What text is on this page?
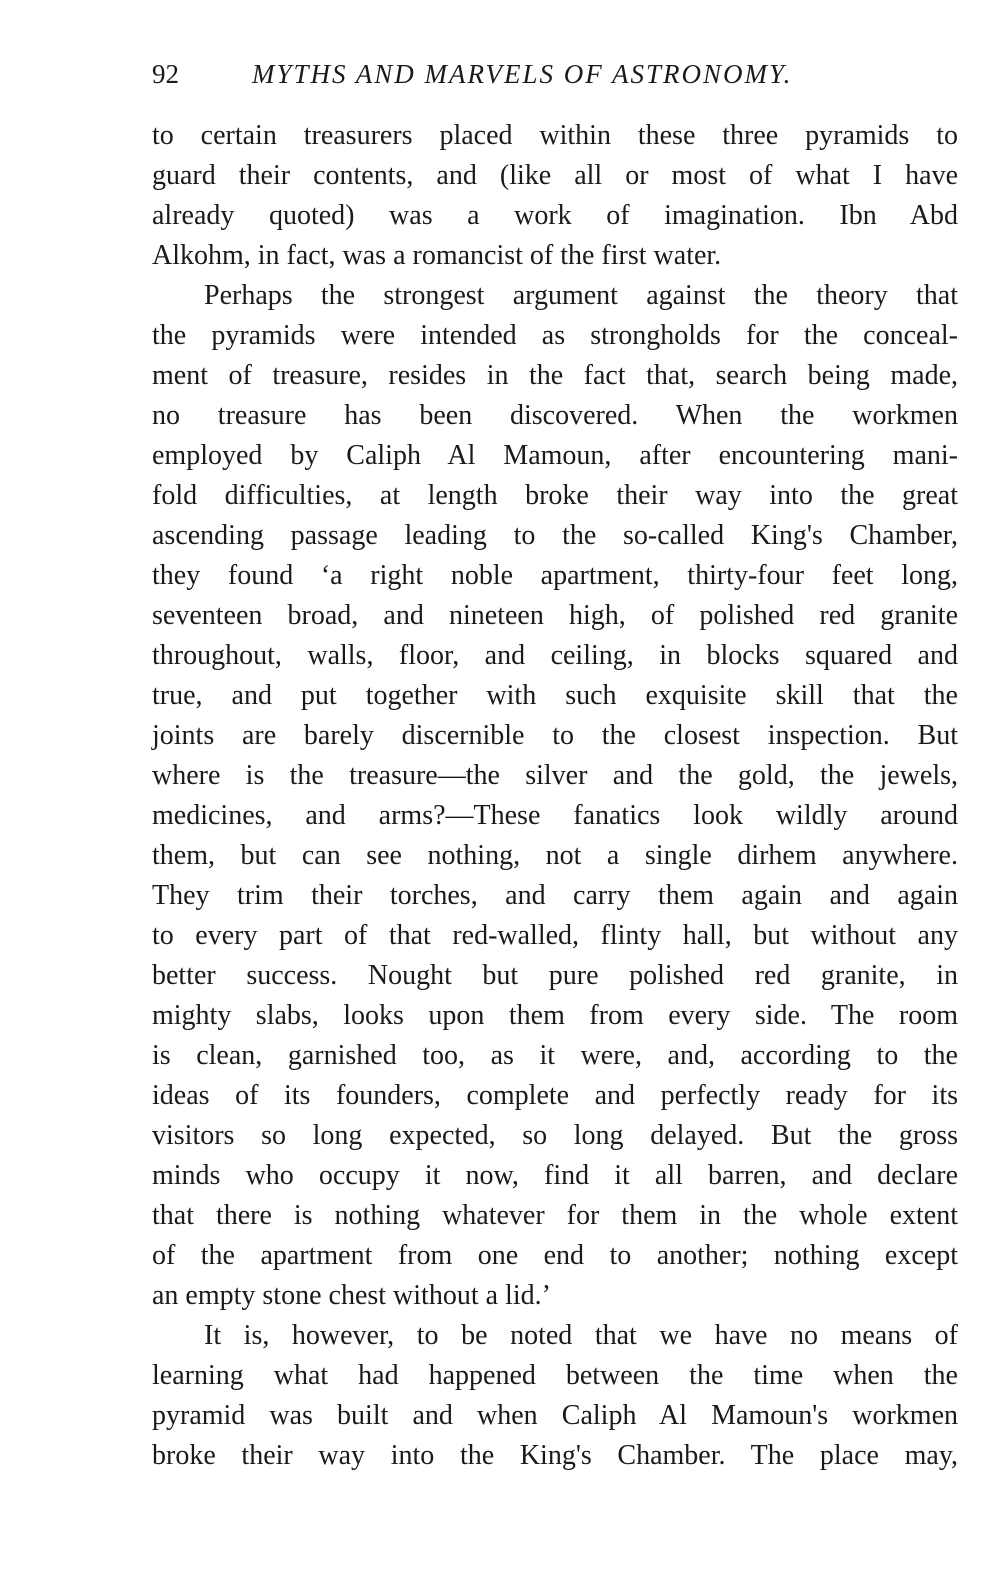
92	MYTHS AND MARVELS OF ASTRONOMY.
to certain treasurers placed within these three pyramids to
guard their contents, and (like all or most of what I have
already quoted) was a work of imagination. Ibn Abd
Alkohm, in fact, was a romancist of the first water.
Perhaps the strongest argument against the theory that
the pyramids were intended as strongholds for the conceal-
ment of treasure, resides in the fact that, search being made,
no treasure has been discovered. When the workmen
employed by Caliph Al Mamoun, after encountering mani-
fold difficulties, at length broke their way into the great
ascending passage leading to the so-called King's Chamber,
they found ‘a right noble apartment, thirty-four feet long,
seventeen broad, and nineteen high, of polished red granite
throughout, walls, floor, and ceiling, in blocks squared and
true, and put together with such exquisite skill that the
joints are barely discernible to the closest inspection. But
where is the treasure—the silver and the gold, the jewels,
medicines, and arms?—These fanatics look wildly around
them, but can see nothing, not a single dirhem anywhere.
They trim their torches, and carry them again and again
to every part of that red-walled, flinty hall, but without any
better success. Nought but pure polished red granite, in
mighty slabs, looks upon them from every side. The room
is clean, garnished too, as it were, and, according to the
ideas of its founders, complete and perfectly ready for its
visitors so long expected, so long delayed. But the gross
minds who occupy it now, find it all barren, and declare
that there is nothing whatever for them in the whole extent
of the apartment from one end to another; nothing except
an empty stone chest without a lid.’
It is, however, to be noted that we have no means of
learning what had happened between the time when the
pyramid was built and when Caliph Al Mamoun's workmen
broke their way into the King's Chamber. The place may,
